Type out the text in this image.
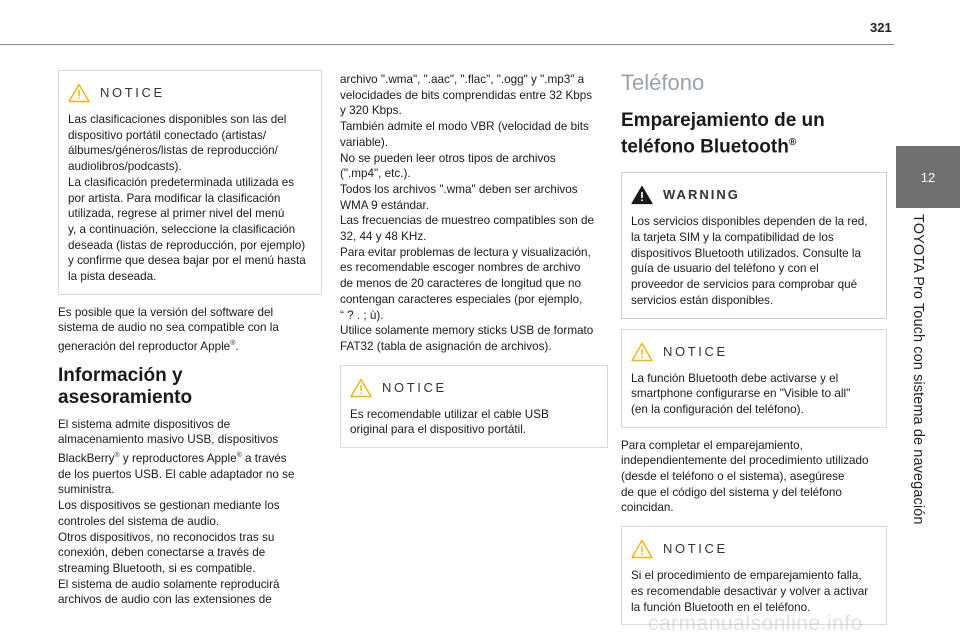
321
12
TOYOTA Pro Touch con sistema de navegación
NOTICE
Las clasificaciones disponibles son las del
dispositivo portátil conectado (artistas/
álbumes/géneros/listas de reproducción/
audiolibros/podcasts).
La clasificación predeterminada utilizada es
por artista. Para modificar la clasificación
utilizada, regrese al primer nivel del menú
y, a continuación, seleccione la clasificación
deseada (listas de reproducción, por ejemplo)
y confirme que desea bajar por el menú hasta
la pista deseada.
Es posible que la versión del software del
sistema de audio no sea compatible con la
generación del reproductor Apple®.
Información y
asesoramiento
El sistema admite dispositivos de
almacenamiento masivo USB, dispositivos
BlackBerry® y reproductores Apple® a través
de los puertos USB. El cable adaptador no se
suministra.
Los dispositivos se gestionan mediante los
controles del sistema de audio.
Otros dispositivos, no reconocidos tras su
conexión, deben conectarse a través de
streaming Bluetooth, si es compatible.
El sistema de audio solamente reproducirá
archivos de audio con las extensiones de
archivo ".wma", ".aac", ".flac", ".ogg" y ".mp3" a
velocidades de bits comprendidas entre 32 Kbps
y 320 Kbps.
También admite el modo VBR (velocidad de bits
variable).
No se pueden leer otros tipos de archivos
(".mp4", etc.).
Todos los archivos ".wma" deben ser archivos
WMA 9 estándar.
Las frecuencias de muestreo compatibles son de
32, 44 y 48 KHz.
Para evitar problemas de lectura y visualización,
es recomendable escoger nombres de archivo
de menos de 20 caracteres de longitud que no
contengan caracteres especiales (por ejemplo,
“ ? . ; ù).
Utilice solamente memory sticks USB de formato
FAT32 (tabla de asignación de archivos).
NOTICE
Es recomendable utilizar el cable USB
original para el dispositivo portátil.
Teléfono
Emparejamiento de un
teléfono Bluetooth®
WARNING
Los servicios disponibles dependen de la red,
la tarjeta SIM y la compatibilidad de los
dispositivos Bluetooth utilizados. Consulte la
guía de usuario del teléfono y con el
proveedor de servicios para comprobar qué
servicios están disponibles.
NOTICE
La función Bluetooth debe activarse y el
smartphone configurarse en "Visible to all"
(en la configuración del teléfono).
Para completar el emparejamiento,
independientemente del procedimiento utilizado
(desde el teléfono o el sistema), asegúrese
de que el código del sistema y del teléfono
coincidan.
NOTICE
Si el procedimiento de emparejamiento falla,
es recomendable desactivar y volver a activar
la función Bluetooth en el teléfono.
carmanualsonline.info
